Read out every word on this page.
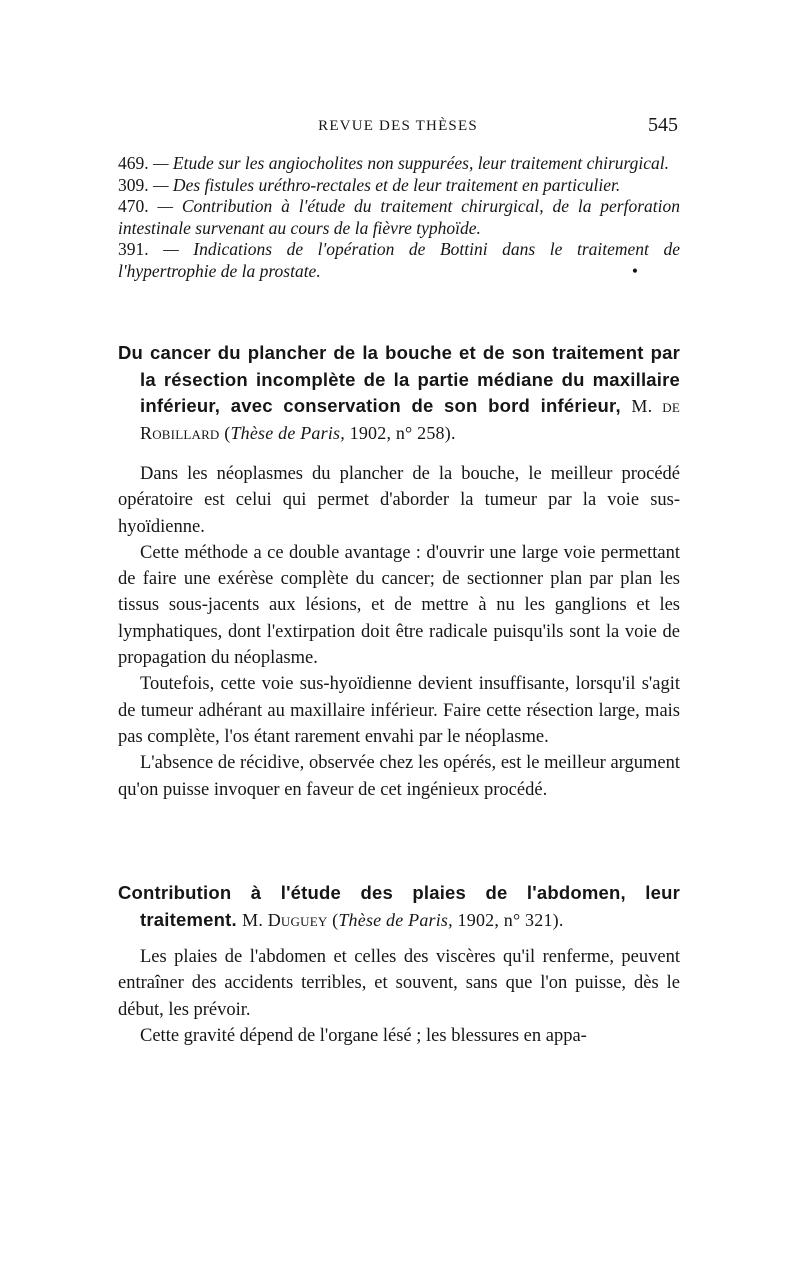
REVUE DES THÈSES	545

469. — Etude sur les angiocholites non suppurées, leur traitement chirurgical.

309. — Des fistules uréthro-rectales et de leur traitement en particulier.

470. — Contribution à l'étude du traitement chirurgical, de la perforation intestinale survenant au cours de la fièvre typhoïde.

391. — Indications de l'opération de Bottini dans le traitement de l'hypertrophie de la prostate.	•

Du cancer du plancher de la bouche et de son traitement par la résection incomplète de la partie médiane du maxillaire inférieur, avec conservation de son bord inférieur, M. de Robillard (Thèse de Paris, 1902, n° 258).

Dans les néoplasmes du plancher de la bouche, le meilleur procédé opératoire est celui qui permet d'aborder la tumeur par la voie sus-hyoïdienne.

Cette méthode a ce double avantage : d'ouvrir une large voie permettant de faire une exérèse complète du cancer; de sectionner plan par plan les tissus sous-jacents aux lésions, et de mettre à nu les ganglions et les lymphatiques, dont l'extirpation doit être radicale puisqu'ils sont la voie de propagation du néoplasme.

Toutefois, cette voie sus-hyoïdienne devient insuffisante, lorsqu'il s'agit de tumeur adhérant au maxillaire inférieur. Faire cette résection large, mais pas complète, l'os étant rarement envahi par le néoplasme.

L'absence de récidive, observée chez les opérés, est le meilleur argument qu'on puisse invoquer en faveur de cet ingénieux procédé.

Contribution à l'étude des plaies de l'abdomen, leur traitement. M. Duguey (Thèse de Paris, 1902, n° 321).

Les plaies de l'abdomen et celles des viscères qu'il renferme, peuvent entraîner des accidents terribles, et souvent, sans que l'on puisse, dès le début, les prévoir.

Cette gravité dépend de l'organe lésé ; les blessures en appa-
